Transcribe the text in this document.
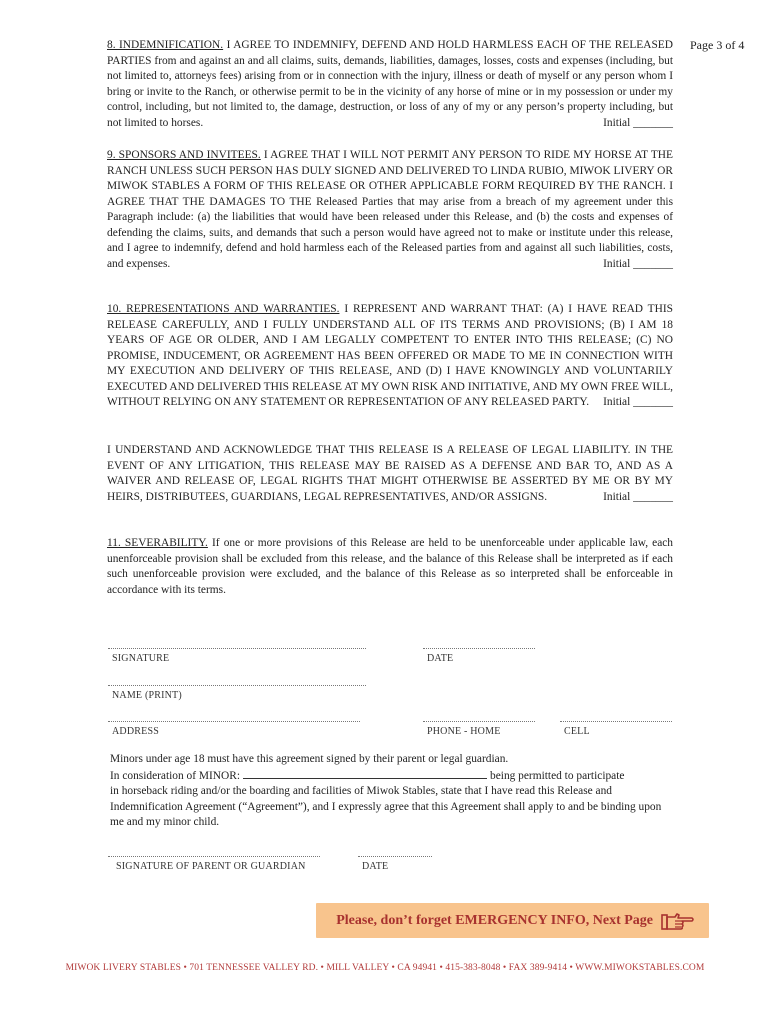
Page 3 of 4

8. INDEMNIFICATION. I AGREE TO INDEMNIFY, DEFEND AND HOLD HARMLESS EACH OF THE RELEASED PARTIES from and against an and all claims, suits, demands, liabilities, damages, losses, costs and expenses (including, but not limited to, attorneys fees) arising from or in connection with the injury, illness or death of myself or any person whom I bring or invite to the Ranch, or otherwise permit to be in the vicinity of any horse of mine or in my possession or under my control, including, but not limited to, the damage, destruction, or loss of any of my or any person’s property including, but not limited to horses.	Initial _______

9. SPONSORS AND INVITEES. I AGREE THAT I WILL NOT PERMIT ANY PERSON TO RIDE MY HORSE AT THE RANCH UNLESS SUCH PERSON HAS DULY SIGNED AND DELIVERED TO LINDA RUBIO, MIWOK LIVERY OR MIWOK STABLES A FORM OF THIS RELEASE OR OTHER APPLICABLE FORM REQUIRED BY THE RANCH. I AGREE THAT THE DAMAGES TO THE Released Parties that may arise from a breach of my agreement under this Paragraph include: (a) the liabilities that would have been released under this Release, and (b) the costs and expenses of defending the claims, suits, and demands that such a person would have agreed not to make or institute under this release, and I agree to indemnify, defend and hold harmless each of the Released parties from and against all such liabilities, costs, and expenses.	Initial _______

10. REPRESENTATIONS AND WARRANTIES. I REPRESENT AND WARRANT THAT: (A) I HAVE READ THIS RELEASE CAREFULLY, AND I FULLY UNDERSTAND ALL OF ITS TERMS AND PROVISIONS; (B) I AM 18 YEARS OF AGE OR OLDER, AND I AM LEGALLY COMPETENT TO ENTER INTO THIS RELEASE; (C) NO PROMISE, INDUCEMENT, OR AGREEMENT HAS BEEN OFFERED OR MADE TO ME IN CONNECTION WITH MY EXECUTION AND DELIVERY OF THIS RELEASE, AND (D) I HAVE KNOWINGLY AND VOLUNTARILY EXECUTED AND DELIVERED THIS RELEASE AT MY OWN RISK AND INITIATIVE, AND MY OWN FREE WILL, WITHOUT RELYING ON ANY STATEMENT OR REPRESENTATION OF ANY RELEASED PARTY. Initial _______

I UNDERSTAND AND ACKNOWLEDGE THAT THIS RELEASE IS A RELEASE OF LEGAL LIABILITY. IN THE EVENT OF ANY LITIGATION, THIS RELEASE MAY BE RAISED AS A DEFENSE AND BAR TO, AND AS A WAIVER AND RELEASE OF, LEGAL RIGHTS THAT MIGHT OTHERWISE BE ASSERTED BY ME OR BY MY HEIRS, DISTRIBUTEES, GUARDIANS, LEGAL REPRESENTATIVES, AND/OR ASSIGNS.	Initial _______

11. SEVERABILITY. If one or more provisions of this Release are held to be unenforceable under applicable law, each unenforceable provision shall be excluded from this release, and the balance of this Release shall be interpreted as if each such unenforceable provision were excluded, and the balance of this Release as so interpreted shall be enforceable in accordance with its terms.

SIGNATURE	DATE
NAME (PRINT)
ADDRESS	PHONE - HOME	CELL

Minors under age 18 must have this agreement signed by their parent or legal guardian.

In consideration of MINOR:	being permitted to participate

in horseback riding and/or the boarding and facilities of Miwok Stables, state that I have read this Release and Indemnification Agreement (“Agreement”), and I expressly agree that this Agreement shall apply to and be binding upon me and my minor child.

SIGNATURE OF PARENT OR GUARDIAN	DATE
Please, don’t forget EMERGENCY INFO, Next Page
MIWOK LIVERY STABLES • 701 TENNESSEE VALLEY RD. • MILL VALLEY • CA 94941 • 415-383-8048 • FAX 389-9414 • WWW.MIWOKSTABLES.COM
